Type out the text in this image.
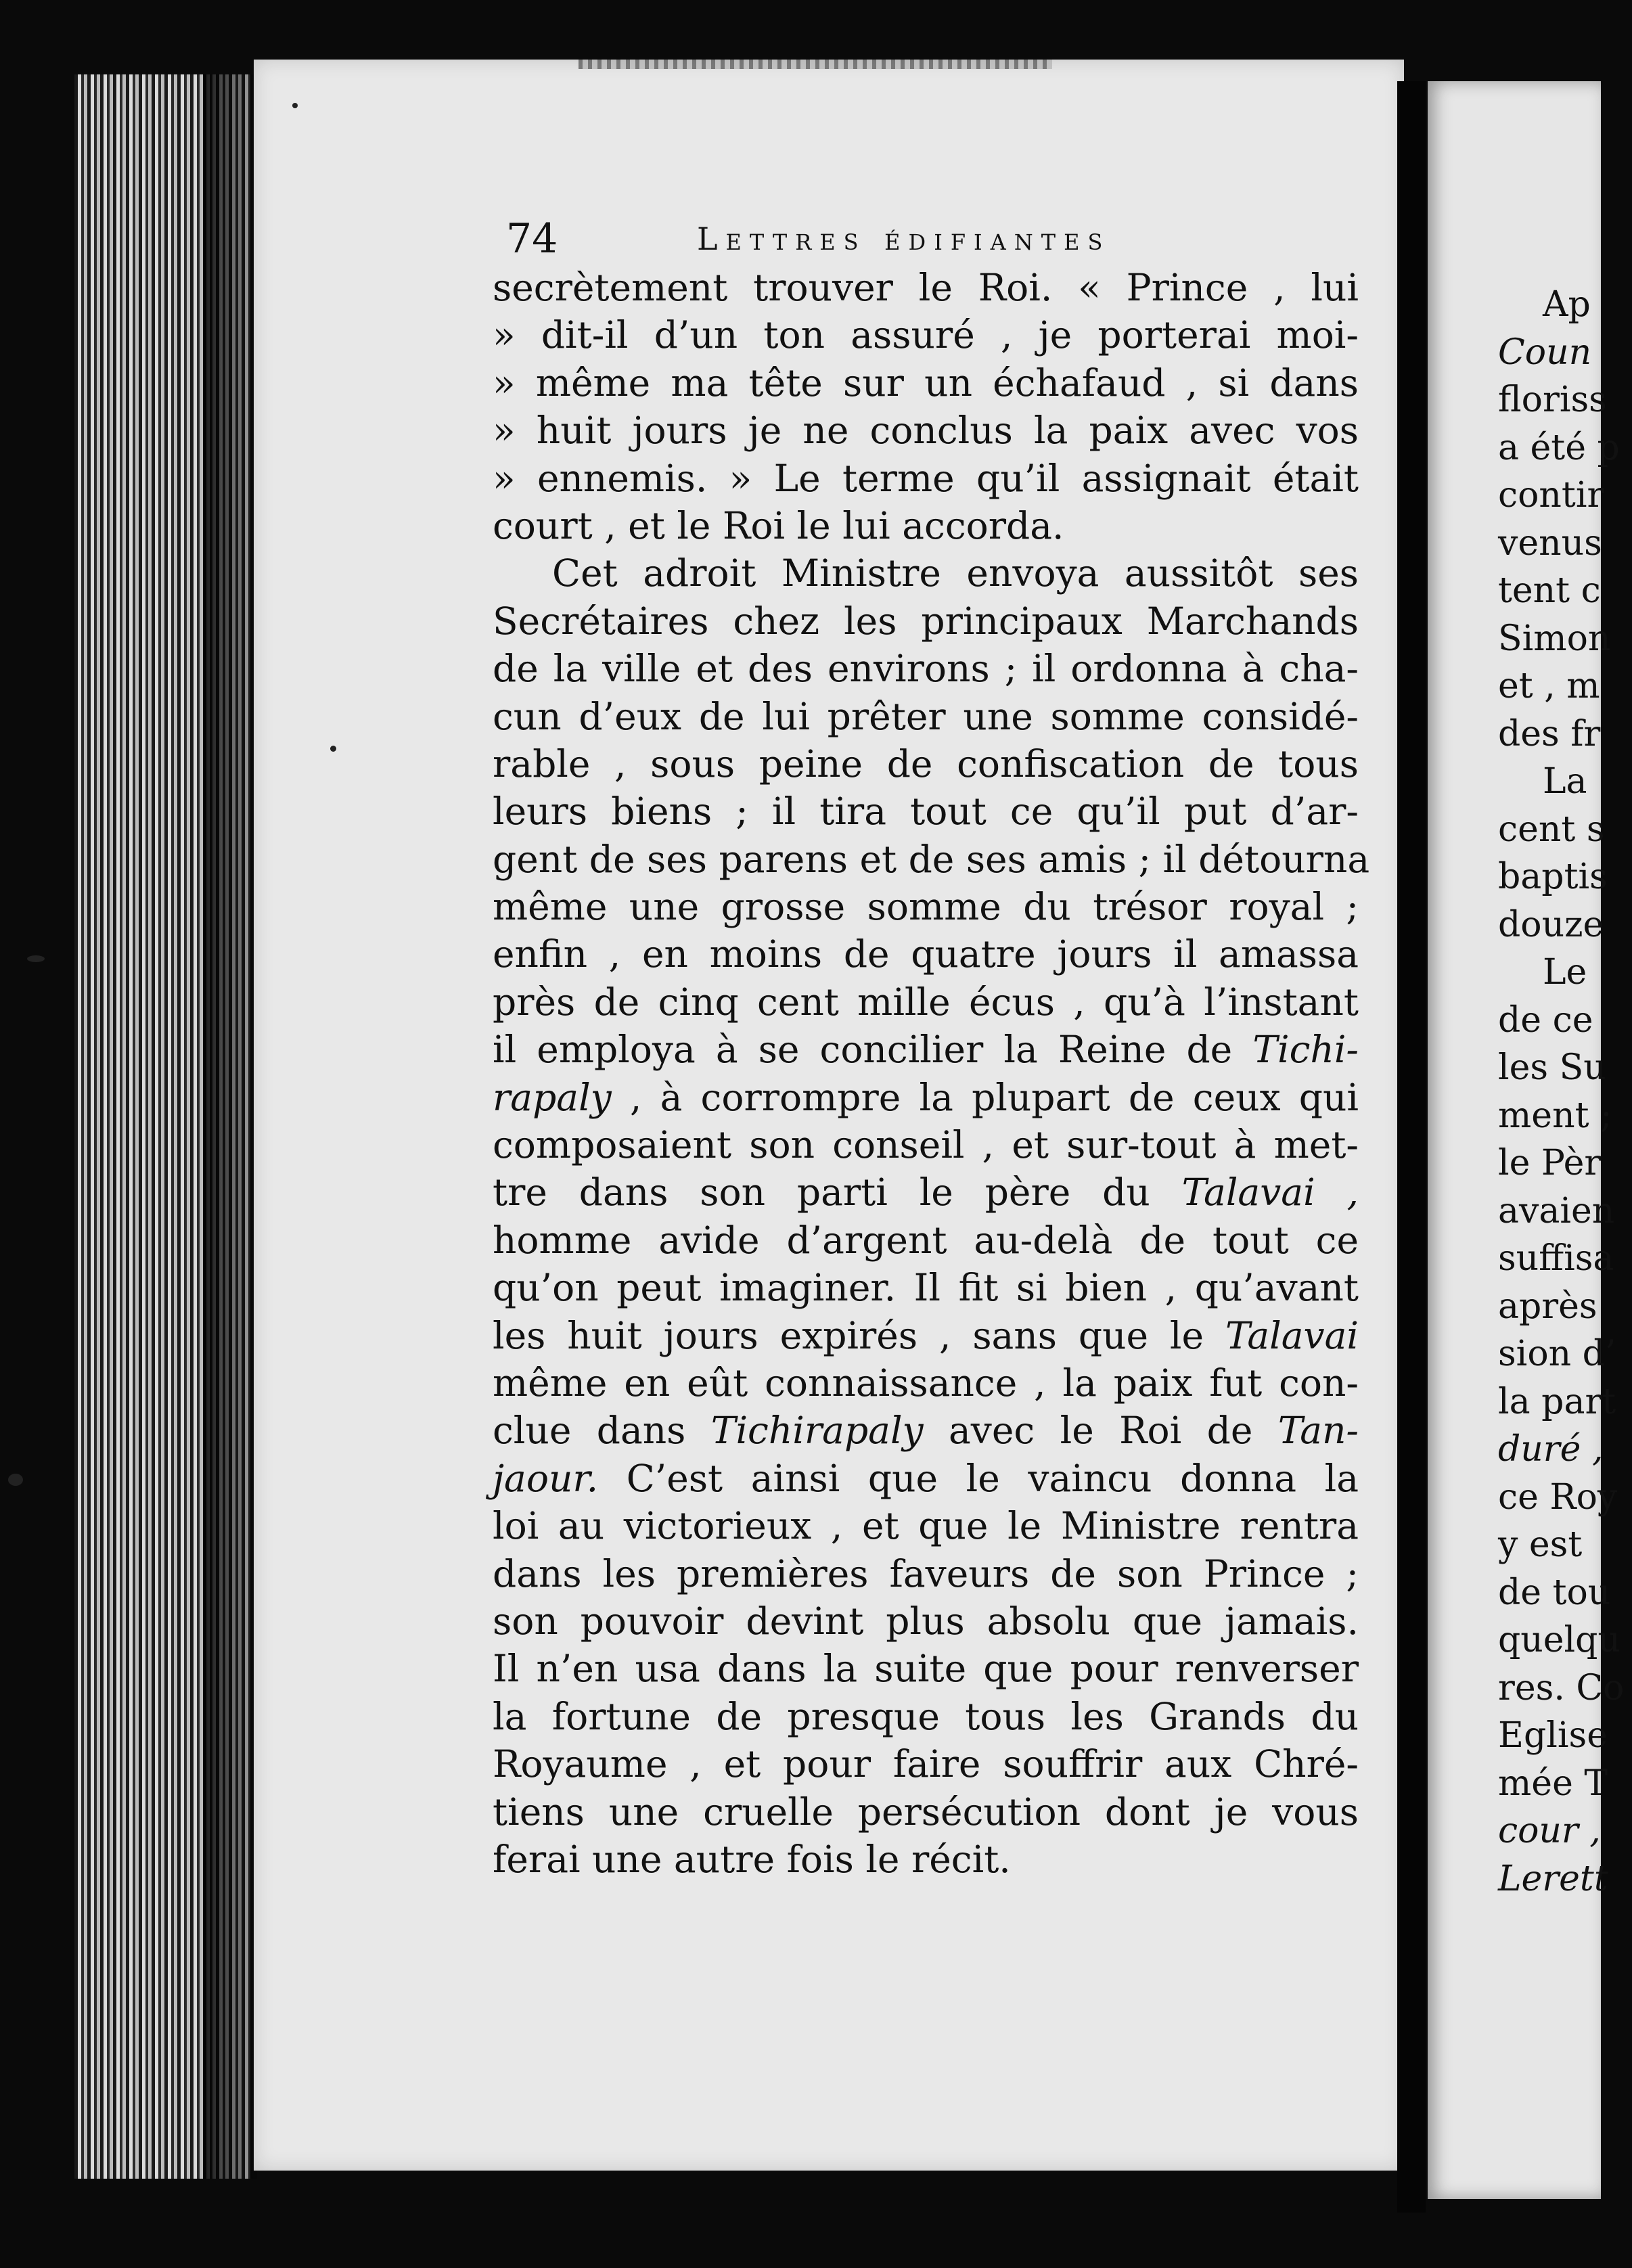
74	Lettres édifiantes
secrètement trouver le Roi. « Prince , lui
» dit-il d’un ton assuré , je porterai moi-
» même ma tête sur un échafaud , si dans
» huit jours je ne conclus la paix avec vos
» ennemis. » Le terme qu’il assignait était
court , et le Roi le lui accorda.
Cet adroit Ministre envoya aussitôt ses
Secrétaires chez les principaux Marchands
de la ville et des environs ; il ordonna à cha-
cun d’eux de lui prêter une somme considé-
rable , sous peine de confiscation de tous
leurs biens ; il tira tout ce qu’il put d’ar-
gent de ses parens et de ses amis ; il détourna
même une grosse somme du trésor royal ;
enfin , en moins de quatre jours il amassa
près de cinq cent mille écus , qu’à l’instant
il employa à se concilier la Reine de Tichi-
rapaly , à corrompre la plupart de ceux qui
composaient son conseil , et sur-tout à met-
tre dans son parti le père du Talavai ,
homme avide d’argent au-delà de tout ce
qu’on peut imaginer. Il fit si bien , qu’avant
les huit jours expirés , sans que le Talavai
même en eût connaissance , la paix fut con-
clue dans Tichirapaly avec le Roi de Tan-
jaour. C’est ainsi que le vaincu donna la
loi au victorieux , et que le Ministre rentra
dans les premières faveurs de son Prince ;
son pouvoir devint plus absolu que jamais.
Il n’en usa dans la suite que pour renverser
la fortune de presque tous les Grands du
Royaume , et pour faire souffrir aux Chré-
tiens une cruelle persécution dont je vous
ferai une autre fois le récit.
Ap
Coun
floriss
a été p
contir
venus
tent c
Simon
et , m
des fr
La
cent s
baptis
douze
Le
de ce
les Su
ment ;
le Pèr
avaien
suffisa
après
sion d’
la part
duré ,
ce Roy
y est
de tou
quelqu
res. Co
Eglise
mée T
cour ,
Lerett
